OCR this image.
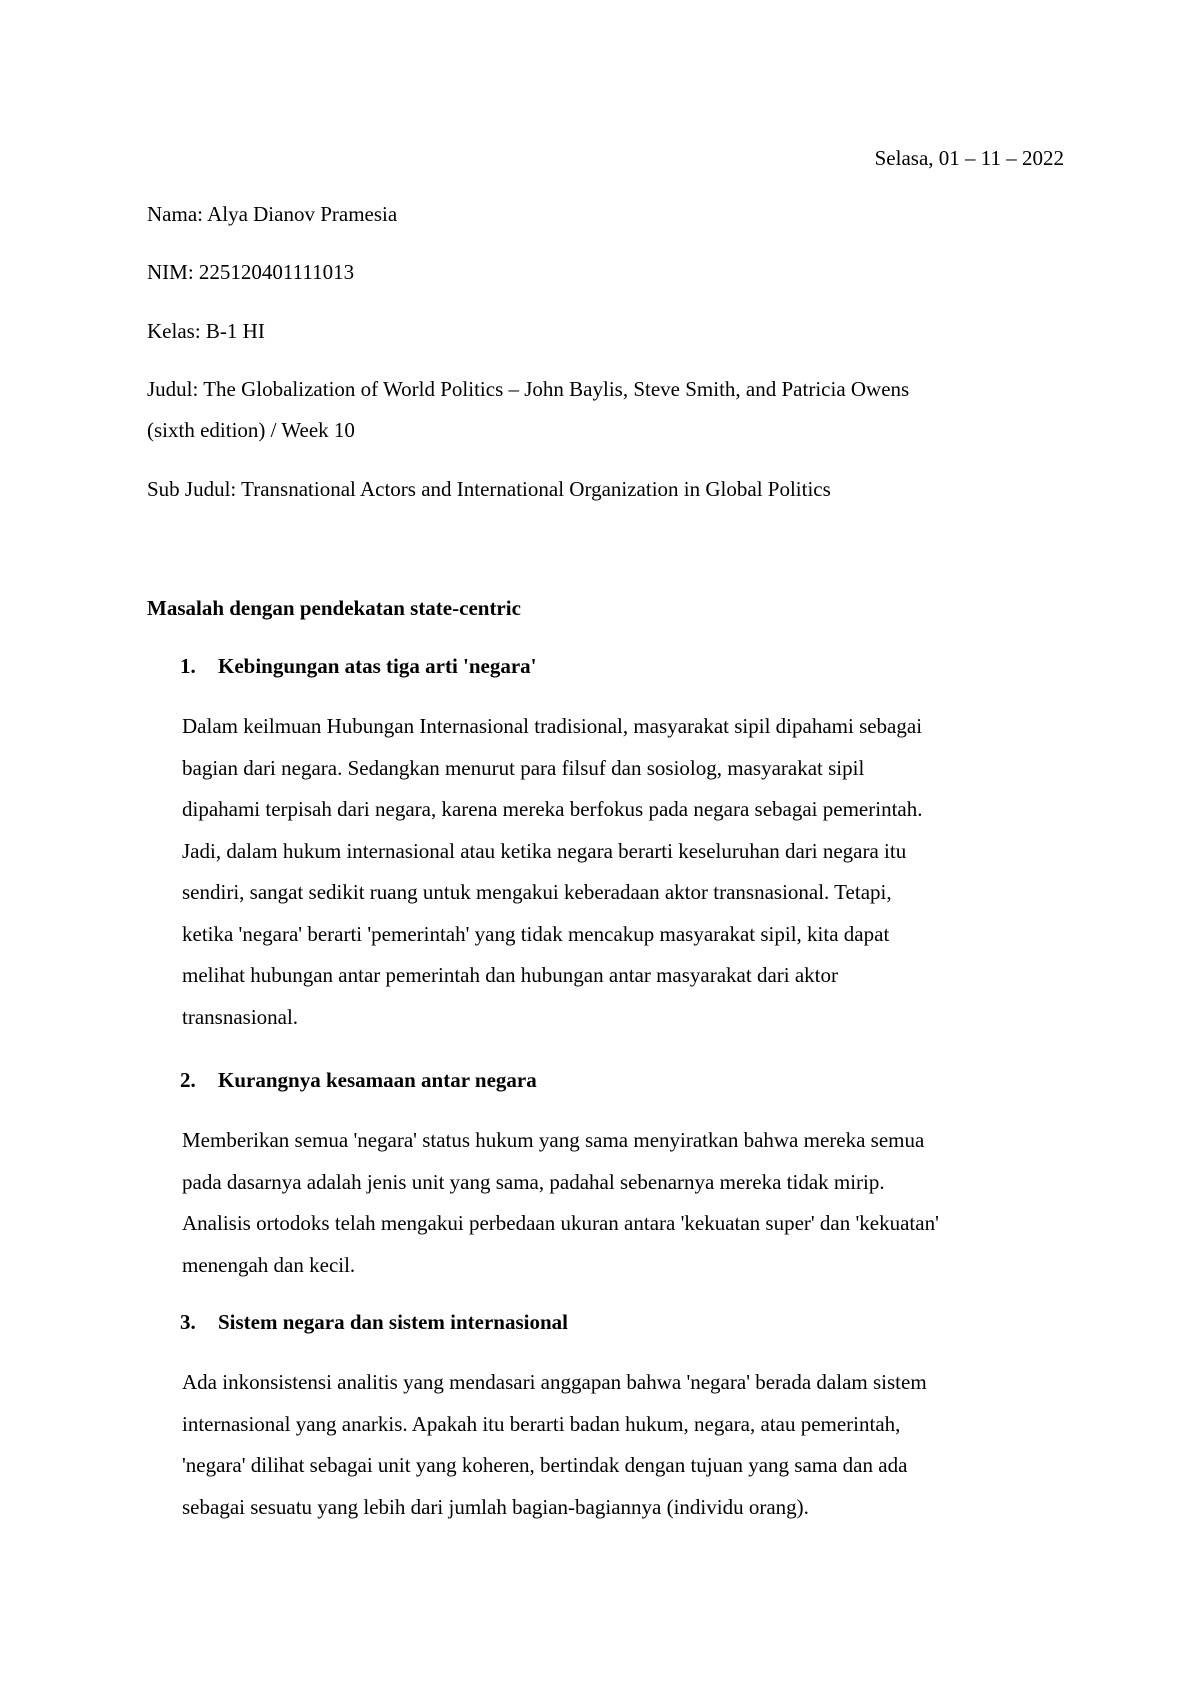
Selasa, 01 – 11 – 2022
Nama: Alya Dianov Pramesia
NIM: 225120401111013
Kelas: B-1 HI
Judul: The Globalization of World Politics – John Baylis, Steve Smith, and Patricia Owens
(sixth edition) / Week 10
Sub Judul: Transnational Actors and International Organization in Global Politics
Masalah dengan pendekatan state-centric
1. Kebingungan atas tiga arti 'negara'
Dalam keilmuan Hubungan Internasional tradisional, masyarakat sipil dipahami sebagai
bagian dari negara. Sedangkan menurut para filsuf dan sosiolog, masyarakat sipil
dipahami terpisah dari negara, karena mereka berfokus pada negara sebagai pemerintah.
Jadi, dalam hukum internasional atau ketika negara berarti keseluruhan dari negara itu
sendiri, sangat sedikit ruang untuk mengakui keberadaan aktor transnasional. Tetapi,
ketika 'negara' berarti 'pemerintah' yang tidak mencakup masyarakat sipil, kita dapat
melihat hubungan antar pemerintah dan hubungan antar masyarakat dari aktor
transnasional.
2. Kurangnya kesamaan antar negara
Memberikan semua 'negara' status hukum yang sama menyiratkan bahwa mereka semua
pada dasarnya adalah jenis unit yang sama, padahal sebenarnya mereka tidak mirip.
Analisis ortodoks telah mengakui perbedaan ukuran antara 'kekuatan super' dan 'kekuatan'
menengah dan kecil.
3. Sistem negara dan sistem internasional
Ada inkonsistensi analitis yang mendasari anggapan bahwa 'negara' berada dalam sistem
internasional yang anarkis. Apakah itu berarti badan hukum, negara, atau pemerintah,
'negara' dilihat sebagai unit yang koheren, bertindak dengan tujuan yang sama dan ada
sebagai sesuatu yang lebih dari jumlah bagian-bagiannya (individu orang).
